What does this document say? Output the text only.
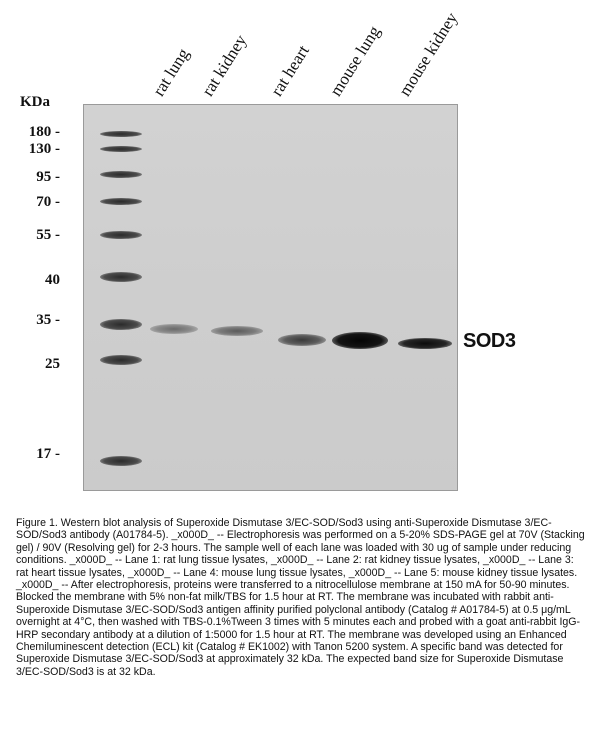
rat lung rat kidney rat heart mouse lung mouse kidney
KDa
180 -
130 -
95 -
70 -
55 -
40
35 -
25
17 -
SOD3
Figure 1. Western blot analysis of Superoxide Dismutase 3/EC-SOD/Sod3 using anti-Superoxide Dismutase 3/EC-SOD/Sod3 antibody (A01784-5). _x000D_ -- Electrophoresis was performed on a 5-20% SDS-PAGE gel at 70V (Stacking gel) / 90V (Resolving gel) for 2-3 hours. The sample well of each lane was loaded with 30 ug of sample under reducing conditions. _x000D_ -- Lane 1: rat lung tissue lysates, _x000D_ -- Lane 2: rat kidney tissue lysates, _x000D_ -- Lane 3: rat heart tissue lysates, _x000D_ -- Lane 4: mouse lung tissue lysates, _x000D_ -- Lane 5: mouse kidney tissue lysates. _x000D_ -- After electrophoresis, proteins were transferred to a nitrocellulose membrane at 150 mA for 50-90 minutes. Blocked the membrane with 5% non-fat milk/TBS for 1.5 hour at RT. The membrane was incubated with rabbit anti-Superoxide Dismutase 3/EC-SOD/Sod3 antigen affinity purified polyclonal antibody (Catalog # A01784-5) at 0.5 μg/mL overnight at 4°C, then washed with TBS-0.1%Tween 3 times with 5 minutes each and probed with a goat anti-rabbit IgG-HRP secondary antibody at a dilution of 1:5000 for 1.5 hour at RT. The membrane was developed using an Enhanced Chemiluminescent detection (ECL) kit (Catalog # EK1002) with Tanon 5200 system. A specific band was detected for Superoxide Dismutase 3/EC-SOD/Sod3 at approximately 32 kDa. The expected band size for Superoxide Dismutase 3/EC-SOD/Sod3 is at 32 kDa.
